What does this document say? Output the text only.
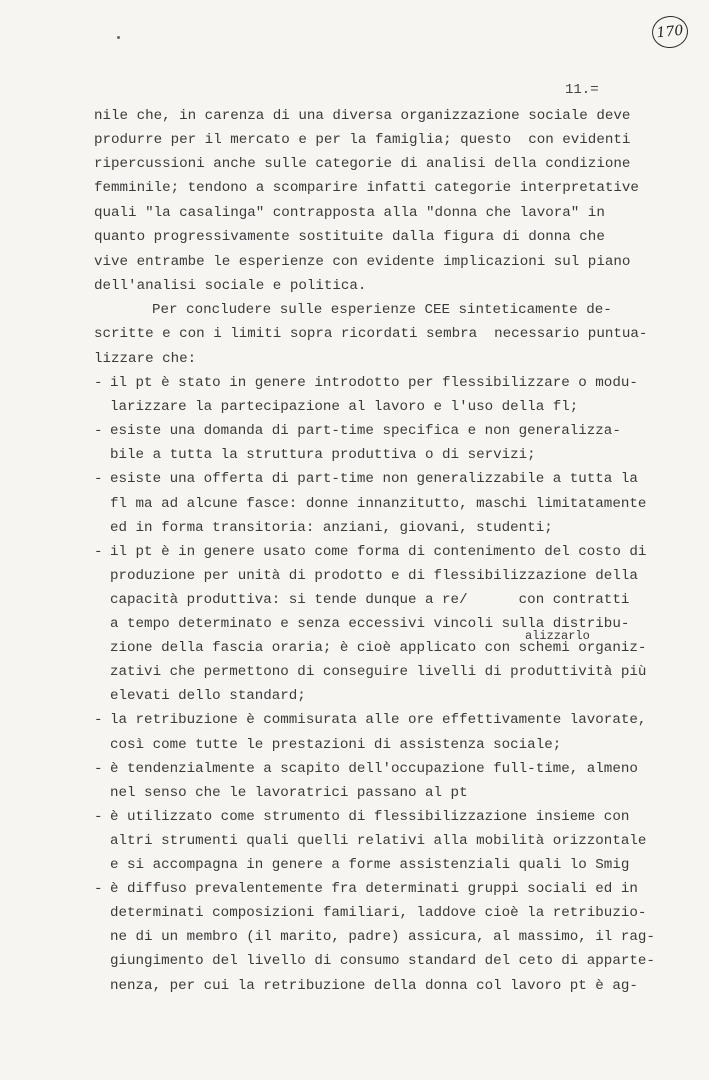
170
11.=
nile che, in carenza di una diversa organizzazione sociale deve
produrre per il mercato e per la famiglia; questo  con evidenti
ripercussioni anche sulle categorie di analisi della condizione
femminile; tendono a scomparire infatti categorie interpretative
quali "la casalinga" contrapposta alla "donna che lavora" in
quanto progressivamente sostituite dalla figura di donna che
vive entrambe le esperienze con evidente implicazioni sul piano
dell'analisi sociale e politica.
Per concludere sulle esperienze CEE sinteticamente de-
scritte e con i limiti sopra ricordati sembra  necessario puntua-
lizzare che:
- il pt è stato in genere introdotto per flessibilizzare o modu-
larizzare la partecipazione al lavoro e l'uso della fl;
- esiste una domanda di part-time specifica e non generalizza-
bile a tutta la struttura produttiva o di servizi;
- esiste una offerta di part-time non generalizzabile a tutta la
fl ma ad alcune fasce: donne innanzitutto, maschi limitatamente
ed in forma transitoria: anziani, giovani, studenti;
- il pt è in genere usato come forma di contenimento del costo di
produzione per unità di prodotto e di flessibilizzazione della
capacità produttiva: si tende dunque a re/      con contratti
a tempo determinato e senza eccessivi vincoli sulla distribu-
zione della fascia oraria; è cioè applicato con schemi organiz-
zativi che permettono di conseguire livelli di produttività più
elevati dello standard;
- la retribuzione è commisurata alle ore effettivamente lavorate,
così come tutte le prestazioni di assistenza sociale;
- è tendenzialmente a scapito dell'occupazione full-time, almeno
nel senso che le lavoratrici passano al pt
- è utilizzato come strumento di flessibilizzazione insieme con
altri strumenti quali quelli relativi alla mobilità orizzontale
e si accompagna in genere a forme assistenziali quali lo Smig
- è diffuso prevalentemente fra determinati gruppi sociali ed in
determinati composizioni familiari, laddove cioè la retribuzio-
ne di un membro (il marito, padre) assicura, al massimo, il rag-
giungimento del livello di consumo standard del ceto di apparte-
nenza, per cui la retribuzione della donna col lavoro pt è ag-
alizzarlo
